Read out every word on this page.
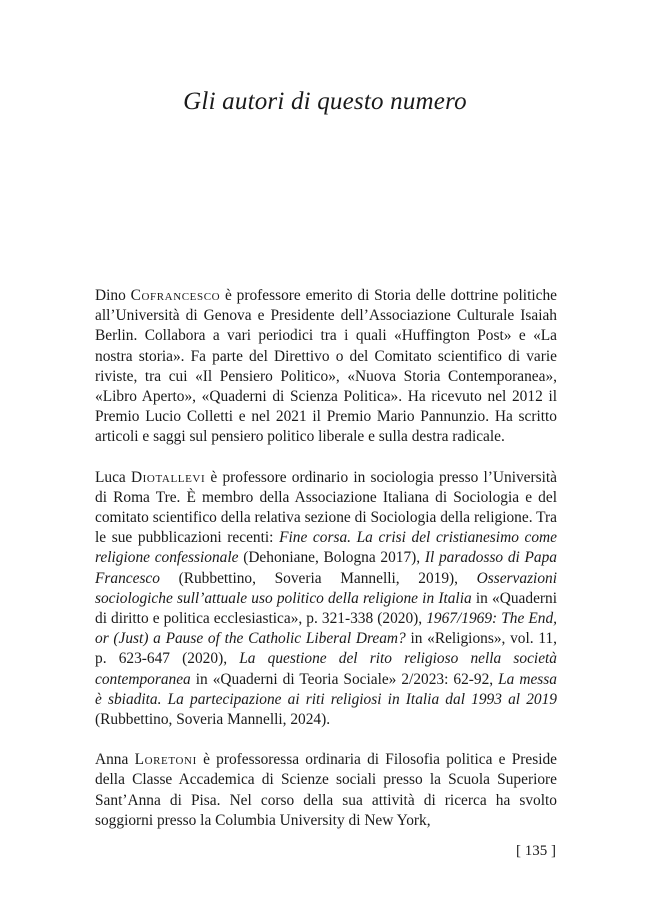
Gli autori di questo numero

Dino Cofrancesco è professore emerito di Storia delle dottrine politiche all’Università di Genova e Presidente dell’Associazione Culturale Isaiah Berlin. Collabora a vari periodici tra i quali «Huffington Post» e «La nostra storia». Fa parte del Direttivo o del Comitato scientifico di varie riviste, tra cui «Il Pensiero Politico», «Nuova Storia Contemporanea», «Libro Aperto», «Quaderni di Scienza Politica». Ha ricevuto nel 2012 il Premio Lucio Colletti e nel 2021 il Premio Mario Pannunzio. Ha scritto articoli e saggi sul pensiero politico liberale e sulla destra radicale.

Luca Diotallevi è professore ordinario in sociologia presso l’Università di Roma Tre. È membro della Associazione Italiana di Sociologia e del comitato scientifico della relativa sezione di Sociologia della religione. Tra le sue pubblicazioni recenti: Fine corsa. La crisi del cristianesimo come religione confessionale (Dehoniane, Bologna 2017), Il paradosso di Papa Francesco (Rubbettino, Soveria Mannelli, 2019), Osservazioni sociologiche sull’attuale uso politico della religione in Italia in «Quaderni di diritto e politica ecclesiastica», p. 321-338 (2020), 1967/1969: The End, or (Just) a Pause of the Catholic Liberal Dream? in «Religions», vol. 11, p. 623-647 (2020), La questione del rito religioso nella società contemporanea in «Quaderni di Teoria Sociale» 2/2023: 62-92, La messa è sbiadita. La partecipazione ai riti religiosi in Italia dal 1993 al 2019 (Rubbettino, Soveria Mannelli, 2024).

Anna Loretoni è professoressa ordinaria di Filosofia politica e Preside della Classe Accademica di Scienze sociali presso la Scuola Superiore Sant’Anna di Pisa. Nel corso della sua attività di ricerca ha svolto soggiorni presso la Columbia University di New York,

[ 135 ]
